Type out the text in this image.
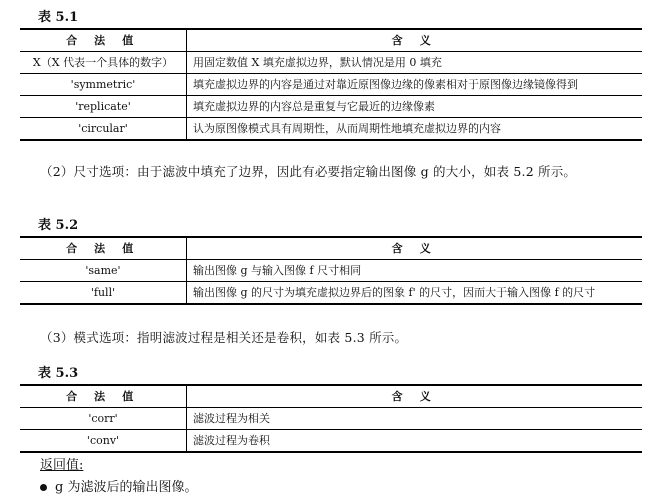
表 5.1
合 法 值	含 义
X（X 代表一个具体的数字）	用固定数值 X 填充虚拟边界，默认情况是用 0 填充
'symmetric'	填充虚拟边界的内容是通过对靠近原图像边缘的像素相对于原图像边缘镜像得到
'replicate'	填充虚拟边界的内容总是重复与它最近的边缘像素
'circular'	认为原图像模式具有周期性，从而周期性地填充虚拟边界的内容
（2）尺寸选项：由于滤波中填充了边界，因此有必要指定输出图像 g 的大小，如表 5.2 所示。
表 5.2
合 法 值	含 义
'same'	输出图像 g 与输入图像 f 尺寸相同
'full'	输出图像 g 的尺寸为填充虚拟边界后的图象 f' 的尺寸，因而大于输入图像 f 的尺寸
（3）模式选项：指明滤波过程是相关还是卷积，如表 5.3 所示。
表 5.3
合 法 值	含 义
'corr'	滤波过程为相关
'conv'	滤波过程为卷积
返回值:
g 为滤波后的输出图像。
